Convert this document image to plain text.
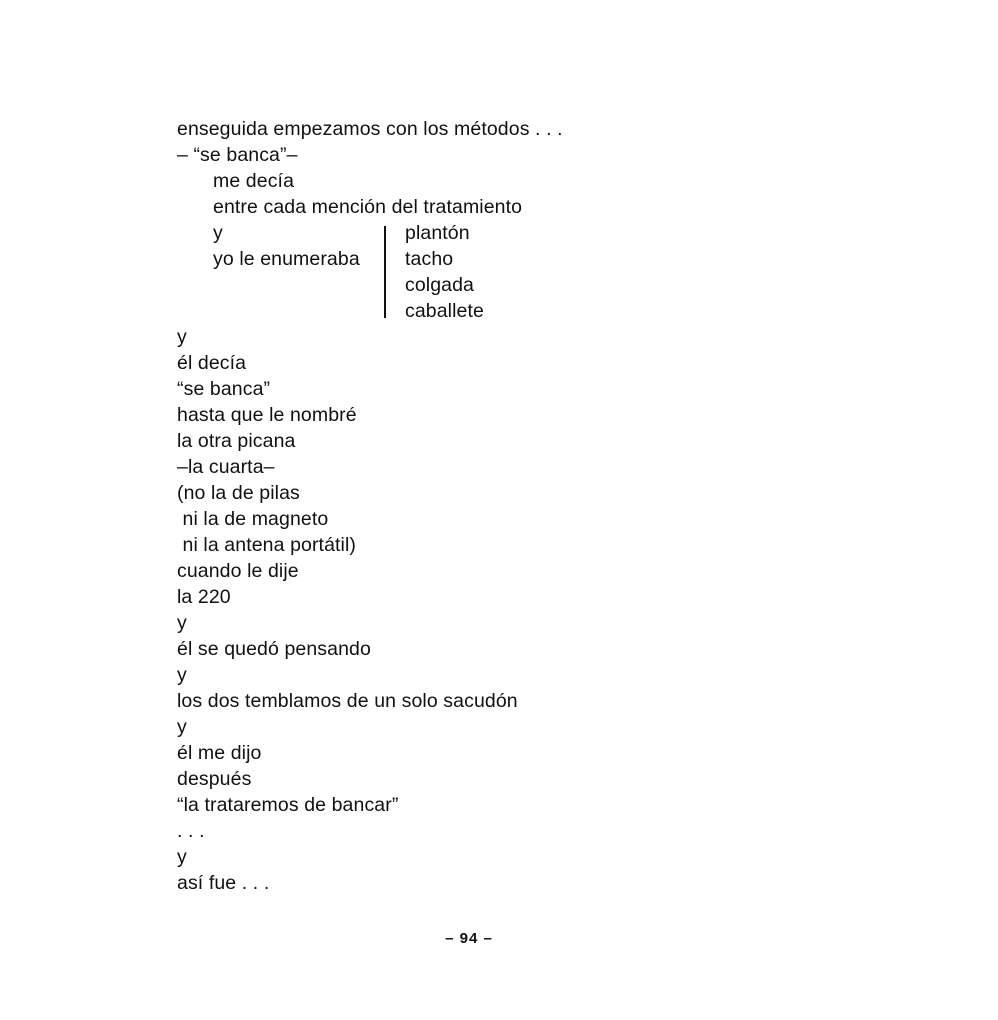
enseguida empezamos con los métodos . . .
– “se banca”–
me decía
entre cada mención del tratamiento
y
yo le enumeraba
plantón
tacho
colgada
caballete
y
él decía
“se banca”
hasta que le nombré
la otra picana
–la cuarta–
(no la de pilas
ni la de magneto
ni la antena portátil)
cuando le dije
la 220
y
él se quedó pensando
y
los dos temblamos de un solo sacudón
y
él me dijo
después
“la trataremos de bancar”
. . .
y
así fue . . .
– 94 –
